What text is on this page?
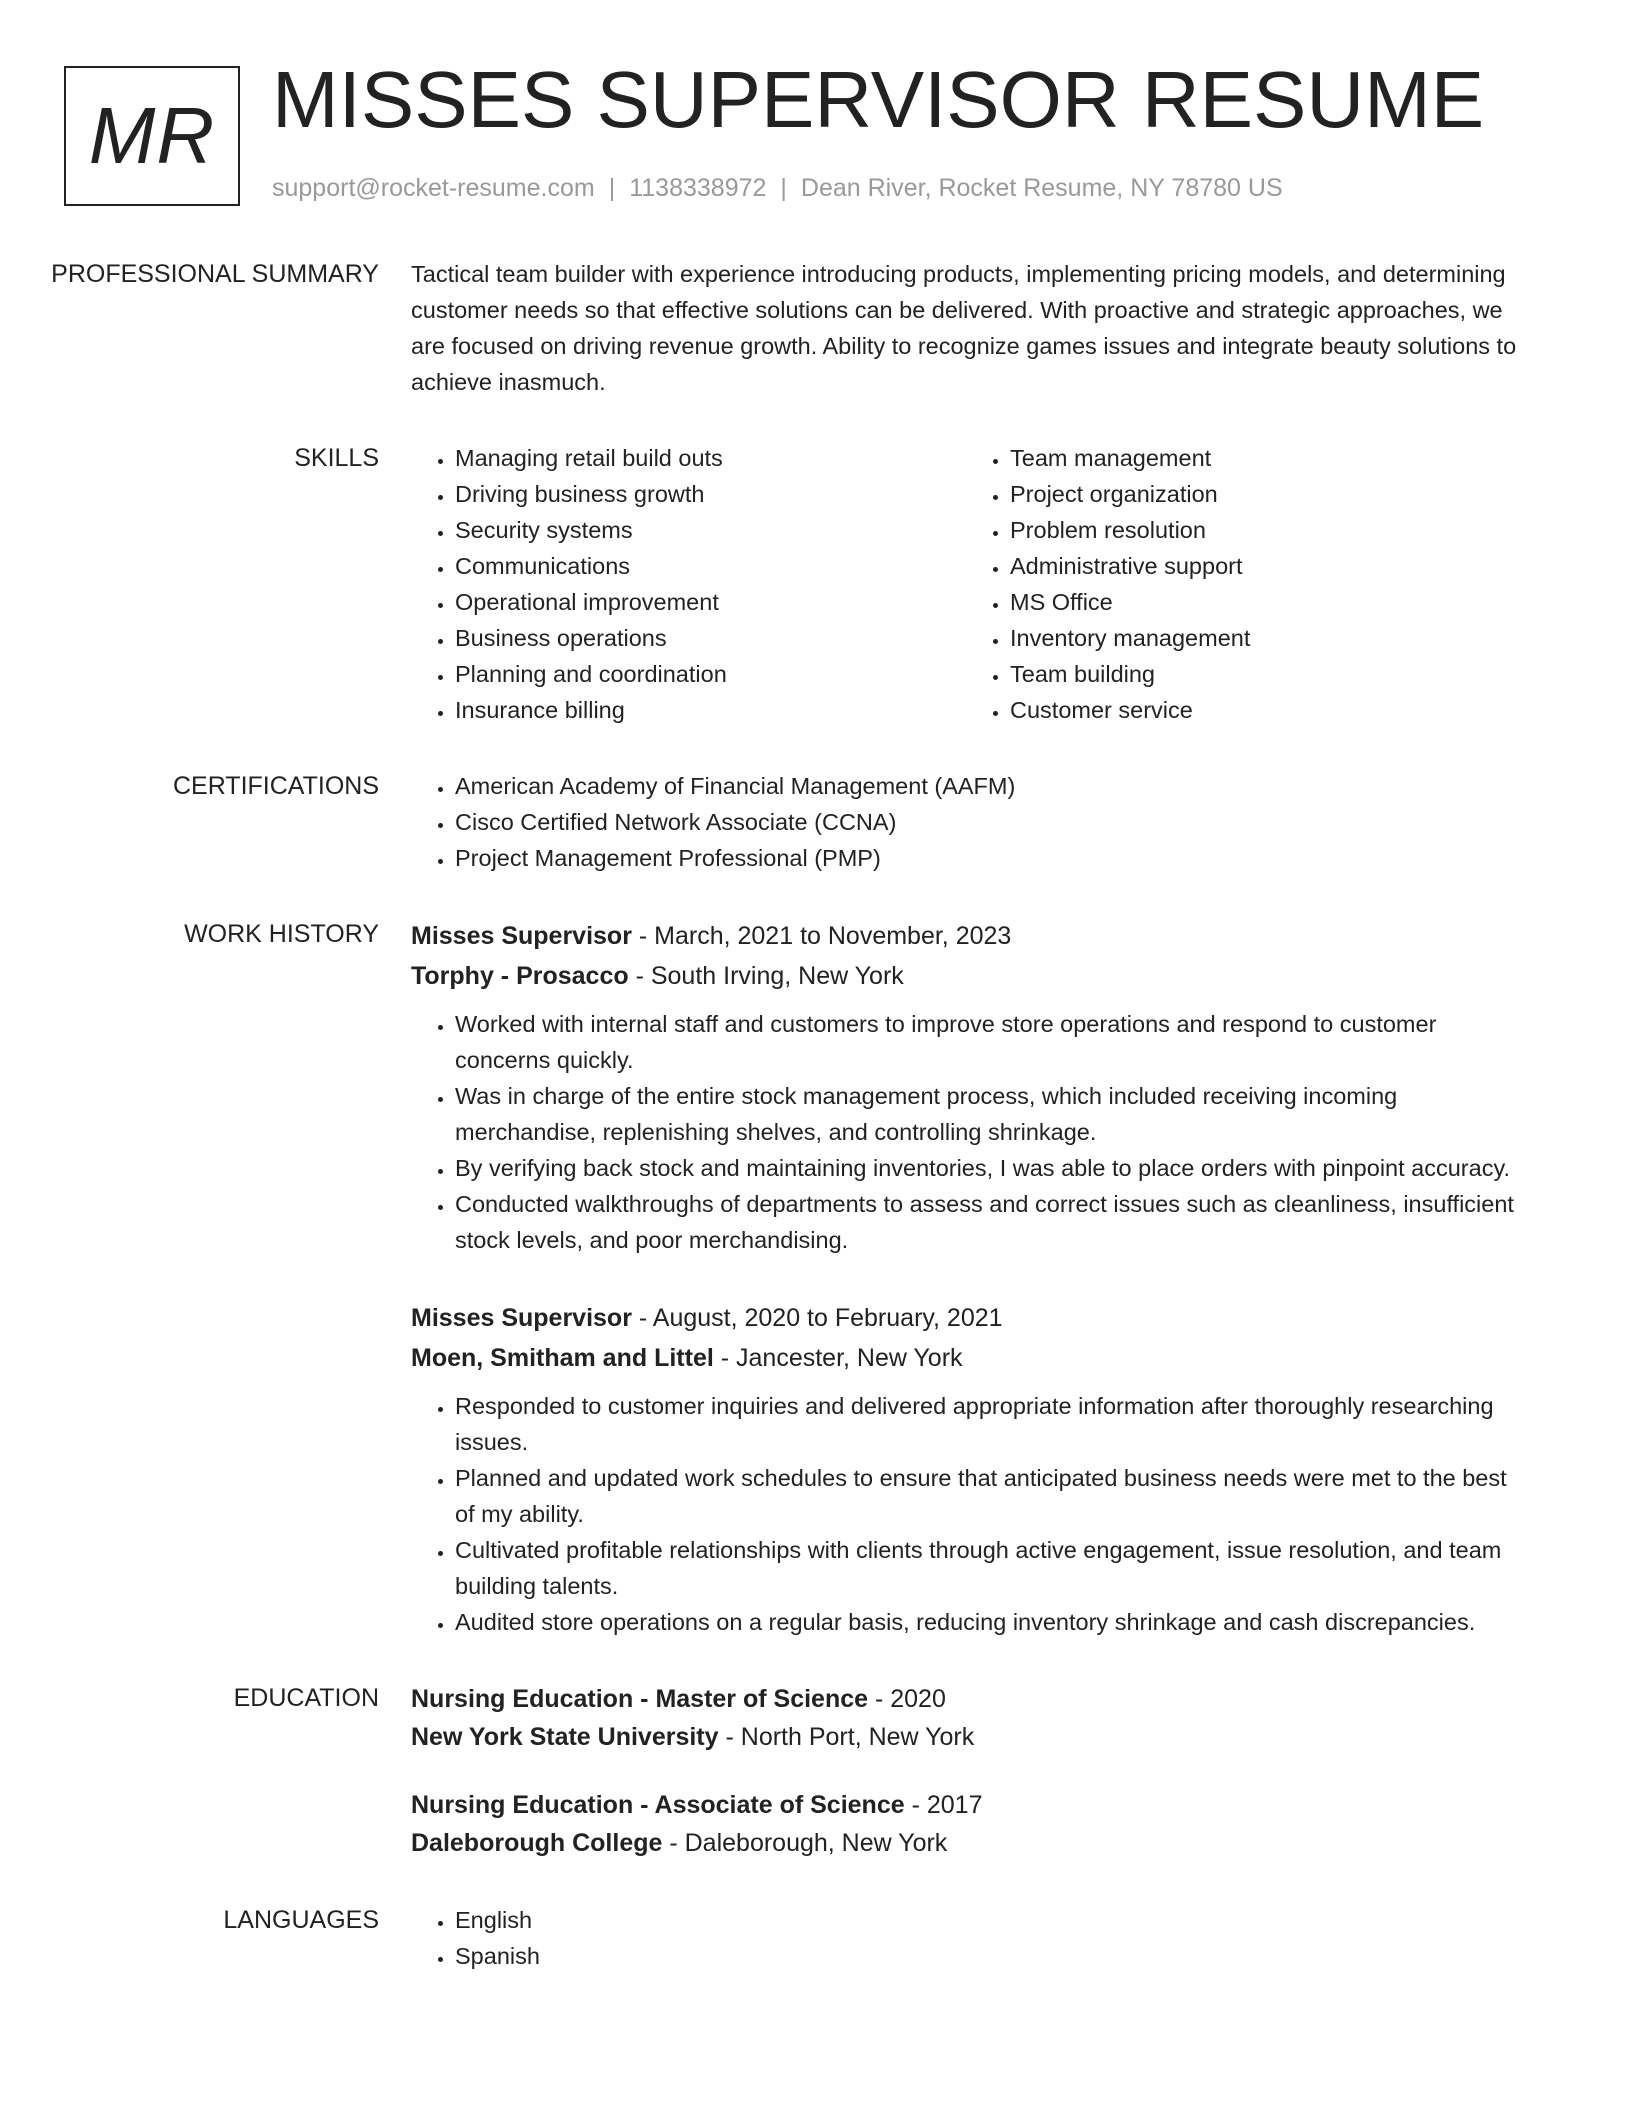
MR MISSES SUPERVISOR RESUME
support@rocket-resume.com | 1138338972 | Dean River, Rocket Resume, NY 78780 US
PROFESSIONAL SUMMARY	Tactical team builder with experience introducing products, implementing pricing models, and determining customer needs so that effective solutions can be delivered. With proactive and strategic approaches, we are focused on driving revenue growth. Ability to recognize games issues and integrate beauty solutions to achieve inasmuch.

SKILLS	• Managing retail build outs
• Driving business growth
• Security systems
• Communications
• Operational improvement
• Business operations
• Planning and coordination
• Insurance billing
• Team management
• Project organization
• Problem resolution
• Administrative support
• MS Office
• Inventory management
• Team building
• Customer service
CERTIFICATIONS	• American Academy of Financial Management (AAFM)
• Cisco Certified Network Associate (CCNA)
• Project Management Professional (PMP)
WORK HISTORY	Misses Supervisor - March, 2021 to November, 2023
Torphy - Prosacco - South Irving, New York
• Worked with internal staff and customers to improve store operations and respond to customer concerns quickly.
• Was in charge of the entire stock management process, which included receiving incoming merchandise, replenishing shelves, and controlling shrinkage.
• By verifying back stock and maintaining inventories, I was able to place orders with pinpoint accuracy.
• Conducted walkthroughs of departments to assess and correct issues such as cleanliness, insufficient stock levels, and poor merchandising.
Misses Supervisor - August, 2020 to February, 2021
Moen, Smitham and Littel - Jancester, New York
• Responded to customer inquiries and delivered appropriate information after thoroughly researching issues.
• Planned and updated work schedules to ensure that anticipated business needs were met to the best of my ability.
• Cultivated profitable relationships with clients through active engagement, issue resolution, and team building talents.
• Audited store operations on a regular basis, reducing inventory shrinkage and cash discrepancies.
EDUCATION	Nursing Education - Master of Science - 2020
New York State University - North Port, New York
Nursing Education - Associate of Science - 2017
Daleborough College - Daleborough, New York
LANGUAGES	• English
• Spanish
